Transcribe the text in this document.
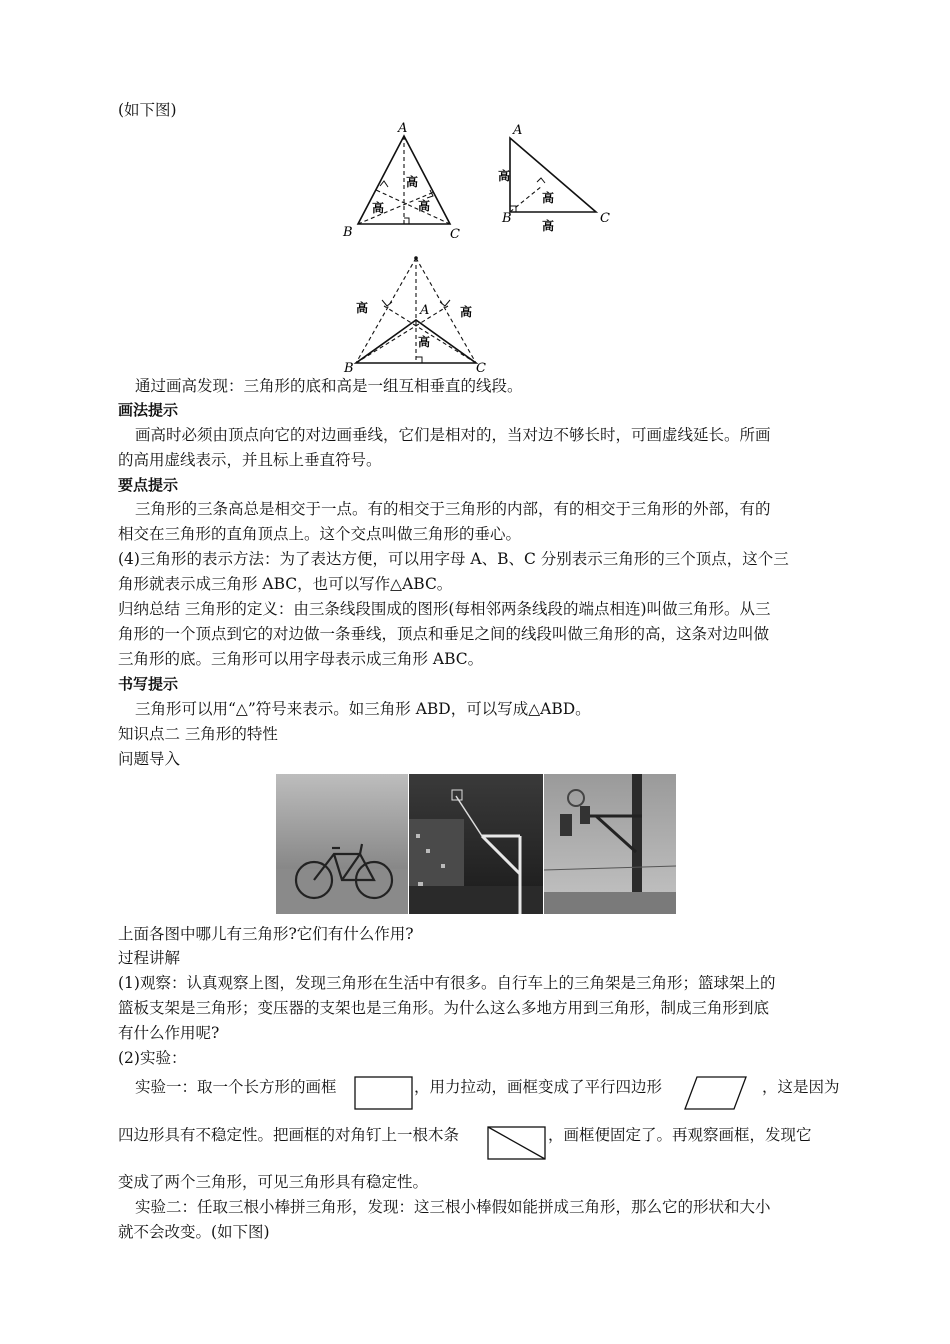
(如下图)
A
B	C
高
高	高
A
B	C
高
高
高
A
B	C
高	高
高
通过画高发现：三角形的底和高是一组互相垂直的线段。
画法提示
画高时必须由顶点向它的对边画垂线，它们是相对的，当对边不够长时，可画虚线延长。所画
的高用虚线表示，并且标上垂直符号。
要点提示
三角形的三条高总是相交于一点。有的相交于三角形的内部，有的相交于三角形的外部，有的
相交在三角形的直角顶点上。这个交点叫做三角形的垂心。
(4)三角形的表示方法：为了表达方便，可以用字母 A、B、C 分别表示三角形的三个顶点，这个三
角形就表示成三角形 ABC，也可以写作△ABC。
归纳总结 三角形的定义：由三条线段围成的图形(每相邻两条线段的端点相连)叫做三角形。从三
角形的一个顶点到它的对边做一条垂线，顶点和垂足之间的线段叫做三角形的高，这条对边叫做
三角形的底。三角形可以用字母表示成三角形 ABC。
书写提示
三角形可以用“△”符号来表示。如三角形 ABD，可以写成△ABD。
知识点二 三角形的特性
问题导入
上面各图中哪儿有三角形?它们有什么作用?
过程讲解
(1)观察：认真观察上图，发现三角形在生活中有很多。自行车上的三角架是三角形；篮球架上的
篮板支架是三角形；变压器的支架也是三角形。为什么这么多地方用到三角形，制成三角形到底
有什么作用呢?
(2)实验：
实验一：取一个长方形的画框	，用力拉动，画框变成了平行四边形	，这是因为
四边形具有不稳定性。把画框的对角钉上一根木条	，画框便固定了。再观察画框，发现它
变成了两个三角形，可见三角形具有稳定性。
实验二：任取三根小棒拼三角形，发现：这三根小棒假如能拼成三角形，那么它的形状和大小
就不会改变。(如下图)
